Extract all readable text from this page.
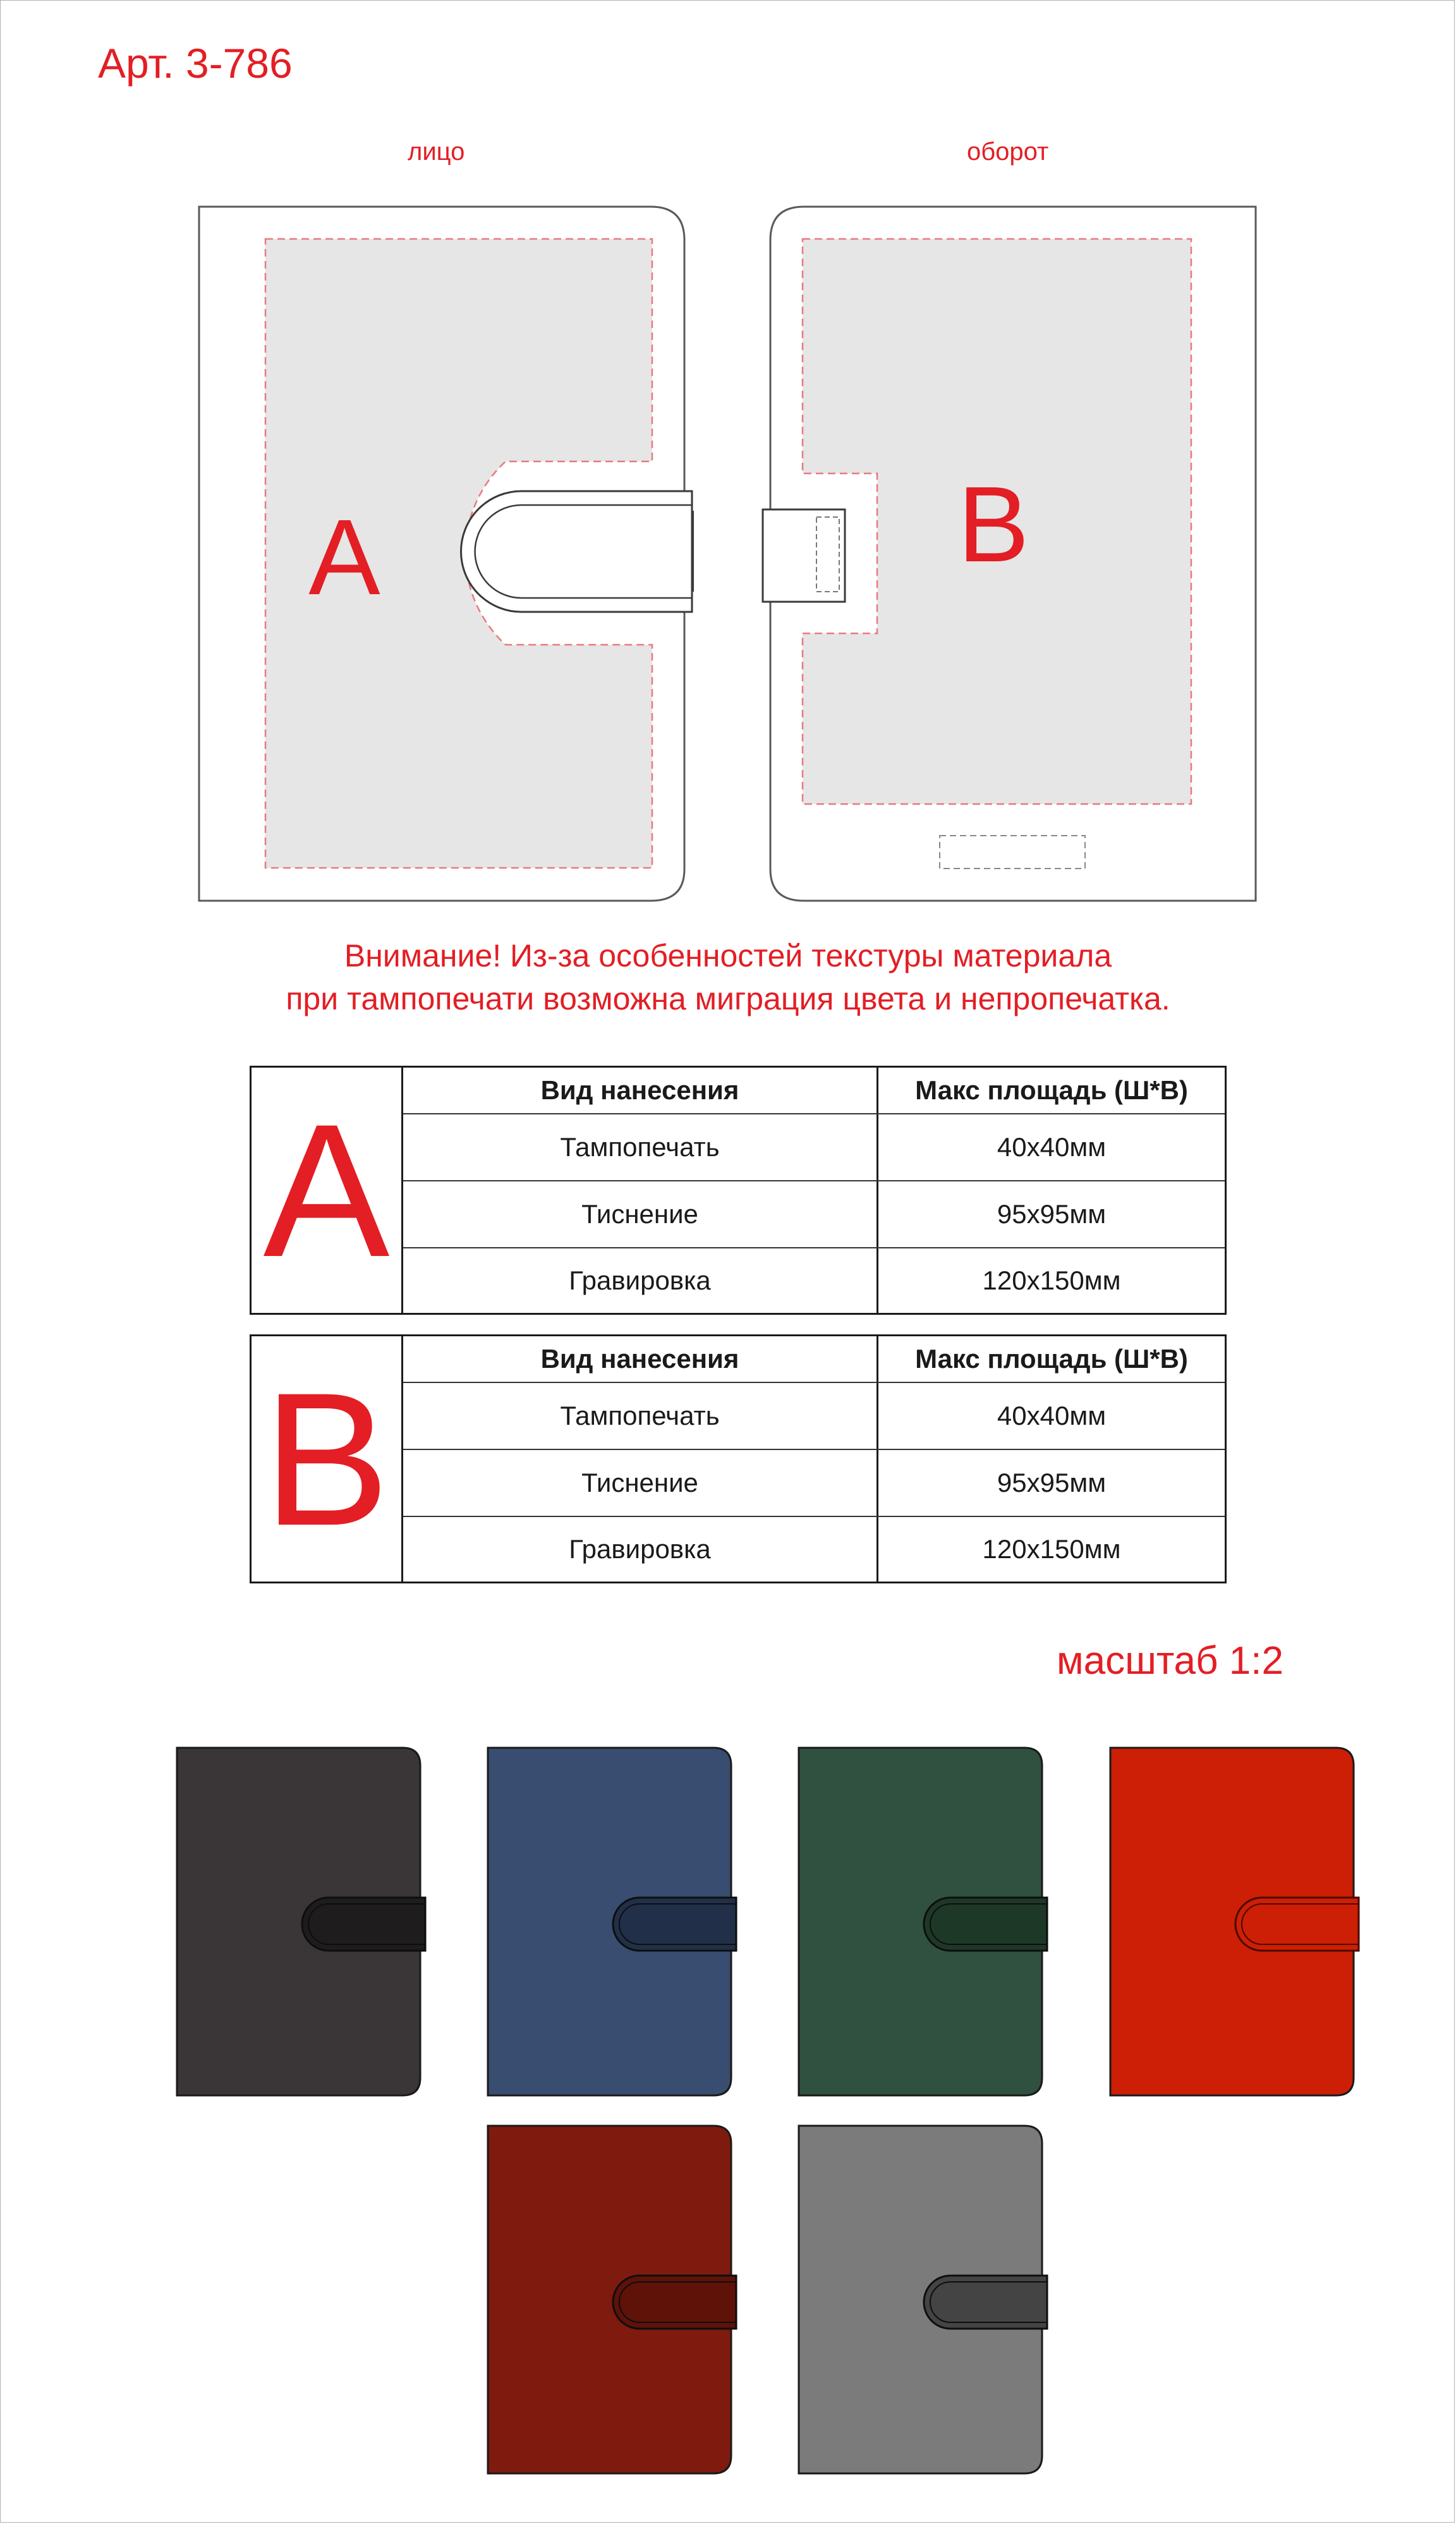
Арт. 3-786
лицо	оборот
A	B
Внимание! Из-за особенностей текстуры материала
при тампопечати возможна миграция цвета и непропечатка.
A	Вид нанесения	Макс площадь (Ш*В)
Тампопечать	40х40мм
Тиснение	95х95мм
Гравировка	120х150мм
B	Вид нанесения	Макс площадь (Ш*В)
Тампопечать	40х40мм
Тиснение	95х95мм
Гравировка	120х150мм
масштаб 1:2
